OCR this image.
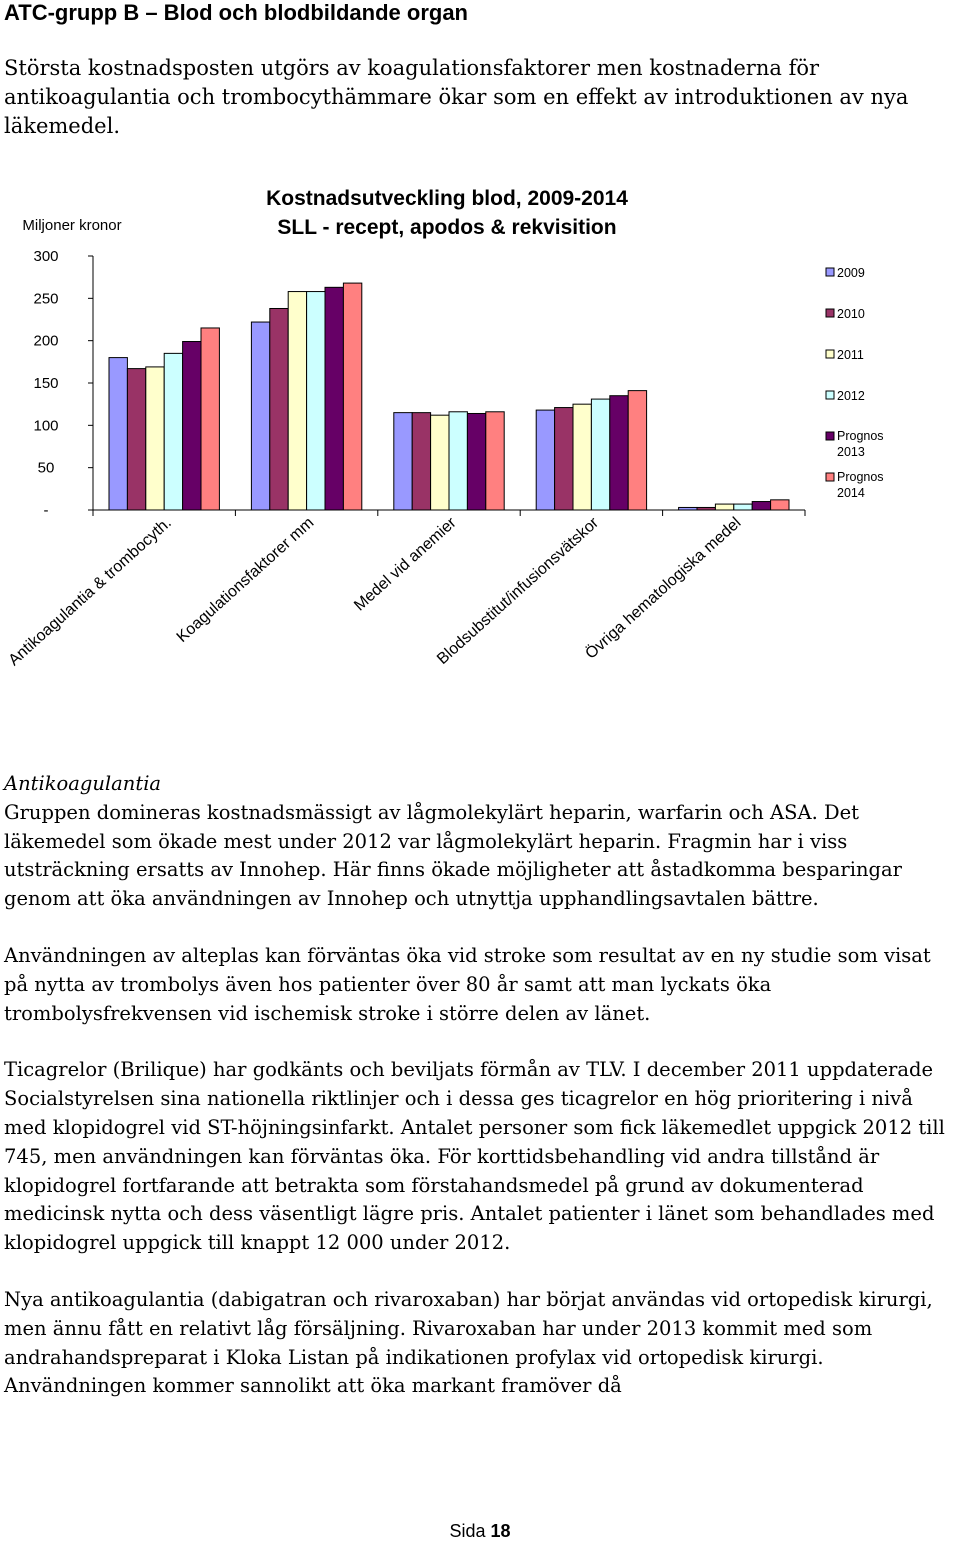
ATC-grupp B – Blod och blodbildande organ
Största kostnadsposten utgörs av koagulationsfaktorer men kostnaderna för antikoagulantia och trombocythämmare ökar som en effekt av introduktionen av nya läkemedel.
Kostnadsutveckling blod, 2009-2014
SLL - recept, apodos & rekvisition
Miljoner kronor
-
50
100
150
200
250
300
Antikoagulantia & trombocyth.
Koagulationsfaktorer mm Medel vid anemier
Blodsubstitut/infusionsvätskor
Övriga hematologiska medel
2009
2010
2011
2012
Prognos
2013
Prognos
2014

Antikoagulantia

Gruppen domineras kostnadsmässigt av lågmolekylärt heparin, warfarin och ASA. Det läkemedel som ökade mest under 2012 var lågmolekylärt heparin. Fragmin har i viss utsträckning ersatts av Innohep. Här finns ökade möjligheter att åstadkomma besparingar genom att öka användningen av Innohep och utnyttja upphandlingsavtalen bättre.

Användningen av alteplas kan förväntas öka vid stroke som resultat av en ny studie som visat på nytta av trombolys även hos patienter över 80 år samt att man lyckats öka trombolysfrekvensen vid ischemisk stroke i större delen av länet.

Ticagrelor (Brilique) har godkänts och beviljats förmån av TLV. I december 2011 uppdaterade Socialstyrelsen sina nationella riktlinjer och i dessa ges ticagrelor en hög prioritering i nivå med klopidogrel vid ST-höjningsinfarkt. Antalet personer som fick läkemedlet uppgick 2012 till 745, men användningen kan förväntas öka. För korttidsbehandling vid andra tillstånd är klopidogrel fortfarande att betrakta som förstahandsmedel på grund av dokumenterad medicinsk nytta och dess väsentligt lägre pris. Antalet patienter i länet som behandlades med klopidogrel uppgick till knappt 12 000 under 2012.

Nya antikoagulantia (dabigatran och rivaroxaban) har börjat användas vid ortopedisk kirurgi, men ännu fått en relativt låg försäljning. Rivaroxaban har under 2013 kommit med som andrahandspreparat i Kloka Listan på indikationen profylax vid ortopedisk kirurgi. Användningen kommer sannolikt att öka markant framöver då

Sida 18
